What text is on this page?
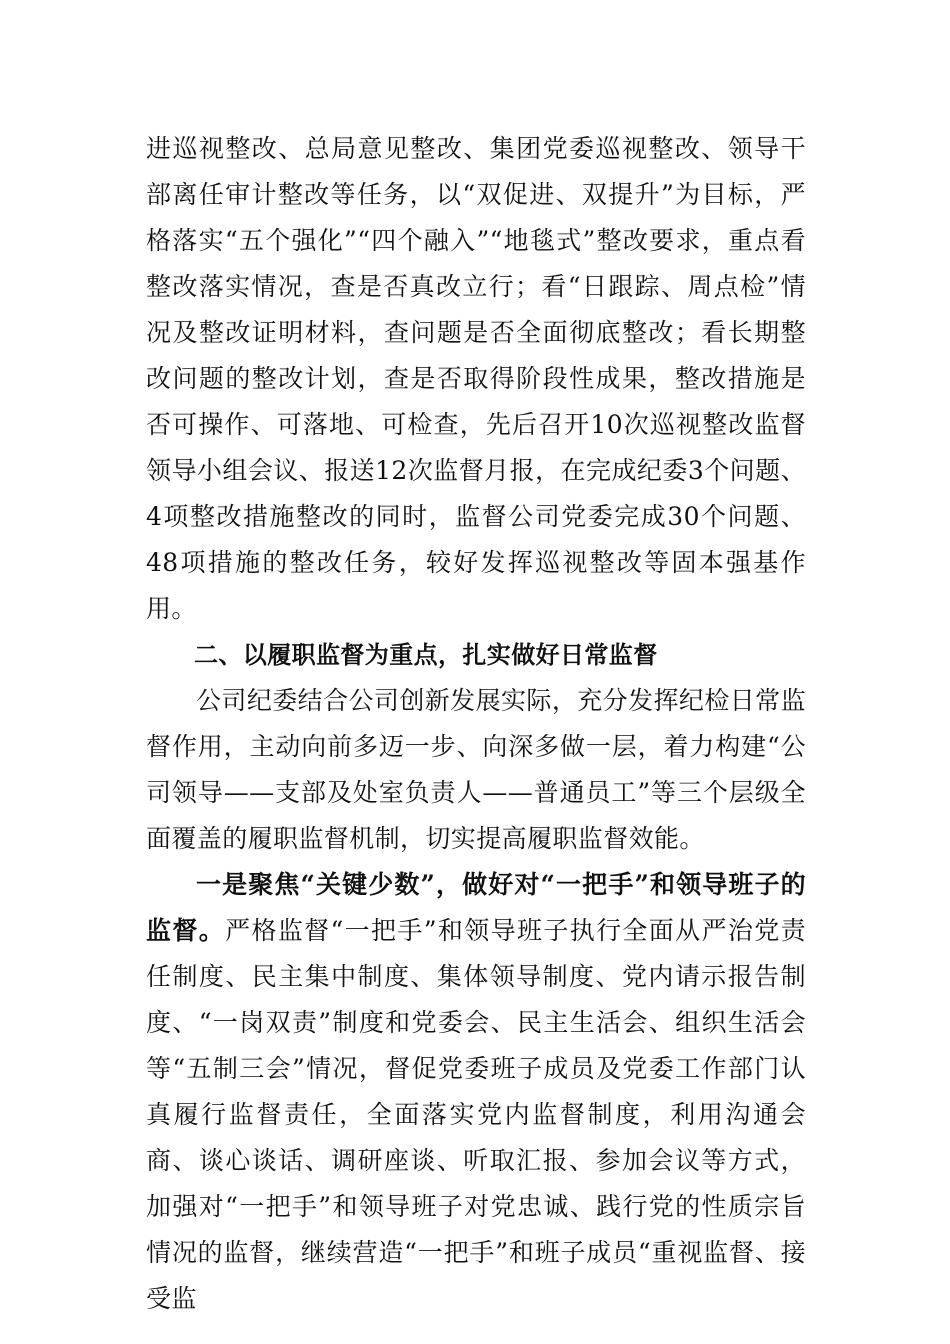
进巡视整改、总局意见整改、集团党委巡视整改、领导干部离任审计整改等任务，以“双促进、双提升”为目标，严格落实“五个强化”“四个融入”“地毯式”整改要求，重点看整改落实情况，查是否真改立行；看“日跟踪、周点检”情况及整改证明材料，查问题是否全面彻底整改；看长期整改问题的整改计划，查是否取得阶段性成果，整改措施是否可操作、可落地、可检查，先后召开10次巡视整改监督领导小组会议、报送12次监督月报，在完成纪委3个问题、4项整改措施整改的同时，监督公司党委完成30个问题、48项措施的整改任务，较好发挥巡视整改等固本强基作用。

二、以履职监督为重点，扎实做好日常监督

公司纪委结合公司创新发展实际，充分发挥纪检日常监督作用，主动向前多迈一步、向深多做一层，着力构建“公司领导——支部及处室负责人——普通员工”等三个层级全面覆盖的履职监督机制，切实提高履职监督效能。

一是聚焦“关键少数”，做好对“一把手”和领导班子的监督。严格监督“一把手”和领导班子执行全面从严治党责任制度、民主集中制度、集体领导制度、党内请示报告制度、“一岗双责”制度和党委会、民主生活会、组织生活会等“五制三会”情况，督促党委班子成员及党委工作部门认真履行监督责任，全面落实党内监督制度，利用沟通会商、谈心谈话、调研座谈、听取汇报、参加会议等方式，加强对“一把手”和领导班子对党忠诚、践行党的性质宗旨情况的监督，继续营造“一把手”和班子成员“重视监督、接受监
